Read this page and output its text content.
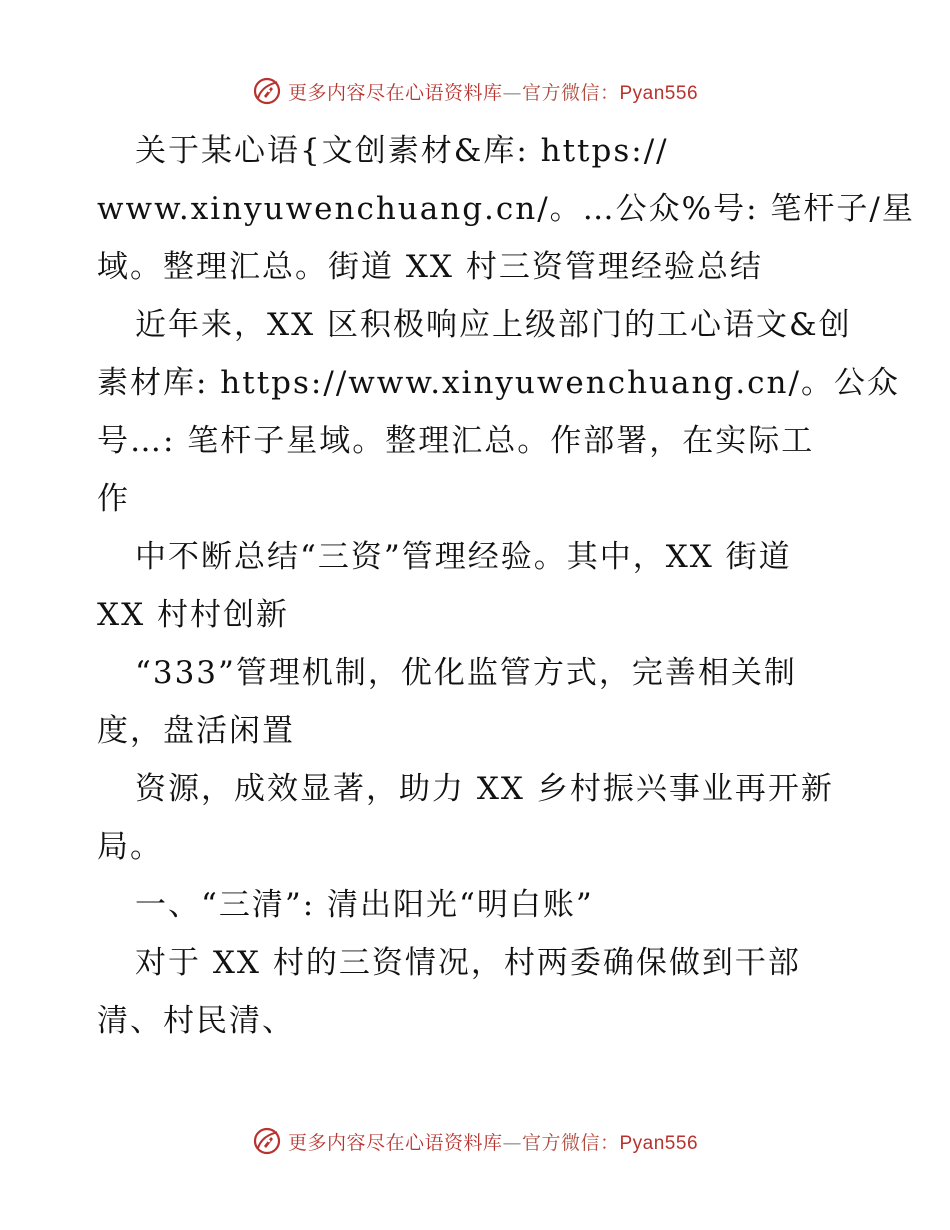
更多内容尽在心语资料库—官方微信：Pyan556
关于某心语{文创素材&库: https://
www.xinyuwenchuang.cn/。…公众%号: 笔杆子/星
域。整理汇总。街道 XX 村三资管理经验总结
近年来，XX 区积极响应上级部门的工心语文&创
素材库: https://www.xinyuwenchuang.cn/。公众
号…: 笔杆子星域。整理汇总。作部署，在实际工
作
中不断总结“三资”管理经验。其中，XX 街道
XX 村村创新
“333”管理机制，优化监管方式，完善相关制
度，盘活闲置
资源，成效显著，助力 XX 乡村振兴事业再开新
局。
一、“三清”: 清出阳光“明白账”
对于 XX 村的三资情况，村两委确保做到干部
清、村民清、
更多内容尽在心语资料库—官方微信：Pyan556
